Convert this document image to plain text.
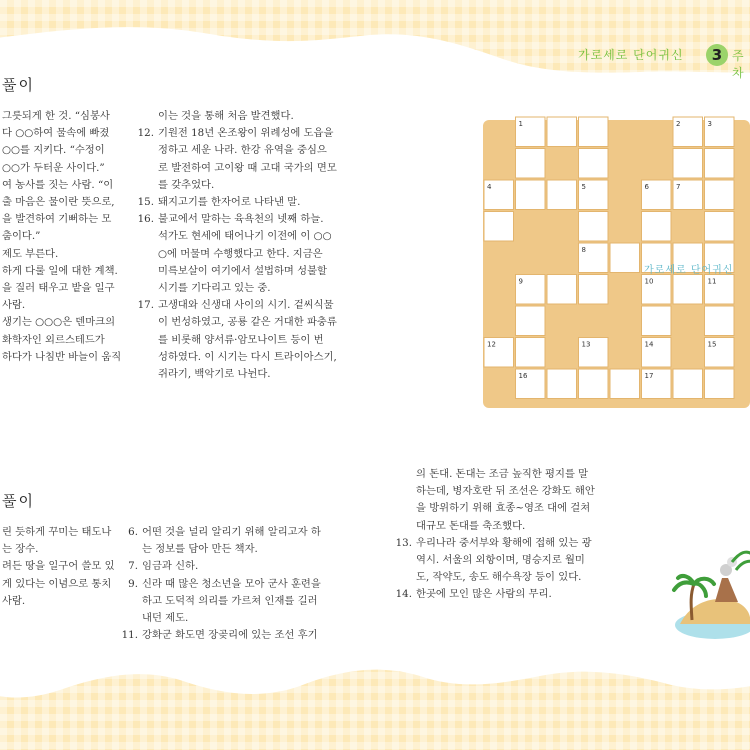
가로세로 단어귀신	3 주차
풀이
풀이

그릇되게 한 것. “심봉사

다 ○○하여 물속에 빠졌

○○를 지키다. “수정이

○○가 두터운 사이다.”

여 농사를 짓는 사람. “이

출 마음은 물이란 뜻으로,

을 발견하여 기뻐하는 모

춤이다.”

제도 부른다.

하게 다룰 일에 대한 계책.

을 질러 태우고 밭을 일구

사람.

생기는 ○○○은 덴마크의

화학자인 외르스테드가

하다가 나침반 바늘이 움직

이는 것을 통해 처음 발견했다.

12. 기원전 18년 온조왕이 위례성에 도읍을

정하고 세운 나라. 한강 유역을 중심으

로 발전하여 고이왕 때 고대 국가의 면모

를 갖추었다.

15. 돼지고기를 한자어로 나타낸 말.

16. 불교에서 말하는 육욕천의 넷째 하늘.

석가도 현세에 태어나기 이전에 이 ○○

○에 머물며 수행했다고 한다. 지금은

미륵보살이 여기에서 설법하며 성불할

시기를 기다리고 있는 중.

17. 고생대와 신생대 사이의 시기. 겉씨식물

이 번성하였고, 공룡 같은 거대한 파충류

를 비롯해 양서류·암모나이트 등이 번

성하였다. 이 시기는 다시 트라이아스기,

쥐라기, 백악기로 나뉜다.

린 듯하게 꾸미는 태도나

는 장수.

려든 땅을 일구어 쓸모 있

게 있다는 이념으로 통치

사람.

6. 어떤 것을 널리 알리기 위해 알리고자 하

는 정보를 담아 만든 책자.

7. 임금과 신하.

9. 신라 때 많은 청소년을 모아 군사 훈련을

하고 도덕적 의리를 가르쳐 인재를 길러

내던 제도.

11. 강화군 화도면 장곶리에 있는 조선 후기

의 돈대. 돈대는 조금 높직한 평지를 말

하는데, 병자호란 뒤 조선은 강화도 해안

을 방위하기 위해 효종~영조 대에 걸쳐

대규모 돈대를 축조했다.

13. 우리나라 중서부와 황해에 접해 있는 광

역시. 서울의 외항이며, 명승지로 월미

도, 작약도, 송도 해수욕장 등이 있다.

14. 한곳에 모인 많은 사람의 무리.

1	2	3
4	5	6	7
8
9	10	11
12	13	14	15
16	17
가로세로 단어귀신
